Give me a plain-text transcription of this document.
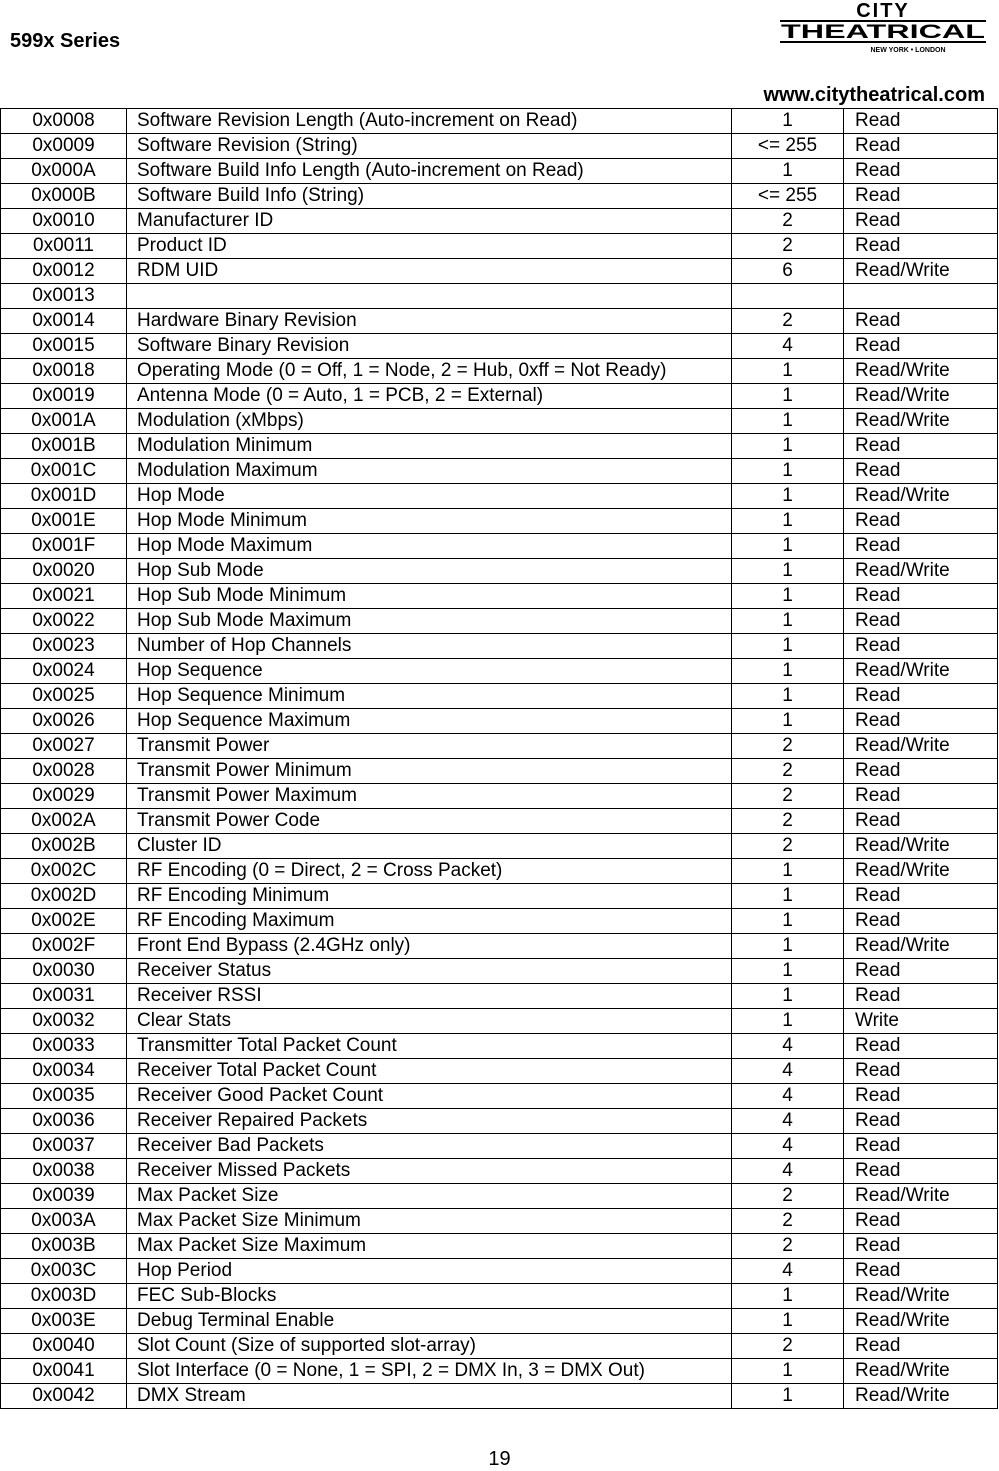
599x Series
CITY
THEATRICAL
NEW YORK • LONDON
www.citytheatrical.com
0x0008	Software Revision Length (Auto-increment on Read)	1	Read
0x0009	Software Revision (String)	<= 255	Read
0x000A	Software Build Info Length (Auto-increment on Read)	1	Read
0x000B	Software Build Info (String)	<= 255	Read
0x0010	Manufacturer ID	2	Read
0x0011	Product ID	2	Read
0x0012	RDM UID	6	Read/Write
0x0013			
0x0014	Hardware Binary Revision	2	Read
0x0015	Software Binary Revision	4	Read
0x0018	Operating Mode (0 = Off, 1 = Node, 2 = Hub, 0xff = Not Ready)	1	Read/Write
0x0019	Antenna Mode (0 = Auto, 1 = PCB, 2 = External)	1	Read/Write
0x001A	Modulation (xMbps)	1	Read/Write
0x001B	Modulation Minimum	1	Read
0x001C	Modulation Maximum	1	Read
0x001D	Hop Mode	1	Read/Write
0x001E	Hop Mode Minimum	1	Read
0x001F	Hop Mode Maximum	1	Read
0x0020	Hop Sub Mode	1	Read/Write
0x0021	Hop Sub Mode Minimum	1	Read
0x0022	Hop Sub Mode Maximum	1	Read
0x0023	Number of Hop Channels	1	Read
0x0024	Hop Sequence	1	Read/Write
0x0025	Hop Sequence Minimum	1	Read
0x0026	Hop Sequence Maximum	1	Read
0x0027	Transmit Power	2	Read/Write
0x0028	Transmit Power Minimum	2	Read
0x0029	Transmit Power Maximum	2	Read
0x002A	Transmit Power Code	2	Read
0x002B	Cluster ID	2	Read/Write
0x002C	RF Encoding (0 = Direct, 2 = Cross Packet)	1	Read/Write
0x002D	RF Encoding Minimum	1	Read
0x002E	RF Encoding Maximum	1	Read
0x002F	Front End Bypass (2.4GHz only)	1	Read/Write
0x0030	Receiver Status	1	Read
0x0031	Receiver RSSI	1	Read
0x0032	Clear Stats	1	Write
0x0033	Transmitter Total Packet Count	4	Read
0x0034	Receiver Total Packet Count	4	Read
0x0035	Receiver Good Packet Count	4	Read
0x0036	Receiver Repaired Packets	4	Read
0x0037	Receiver Bad Packets	4	Read
0x0038	Receiver Missed Packets	4	Read
0x0039	Max Packet Size	2	Read/Write
0x003A	Max Packet Size Minimum	2	Read
0x003B	Max Packet Size Maximum	2	Read
0x003C	Hop Period	4	Read
0x003D	FEC Sub-Blocks	1	Read/Write
0x003E	Debug Terminal Enable	1	Read/Write
0x0040	Slot Count (Size of supported slot-array)	2	Read
0x0041	Slot Interface (0 = None, 1 = SPI, 2 = DMX In, 3 = DMX Out)	1	Read/Write
0x0042	DMX Stream	1	Read/Write
19
